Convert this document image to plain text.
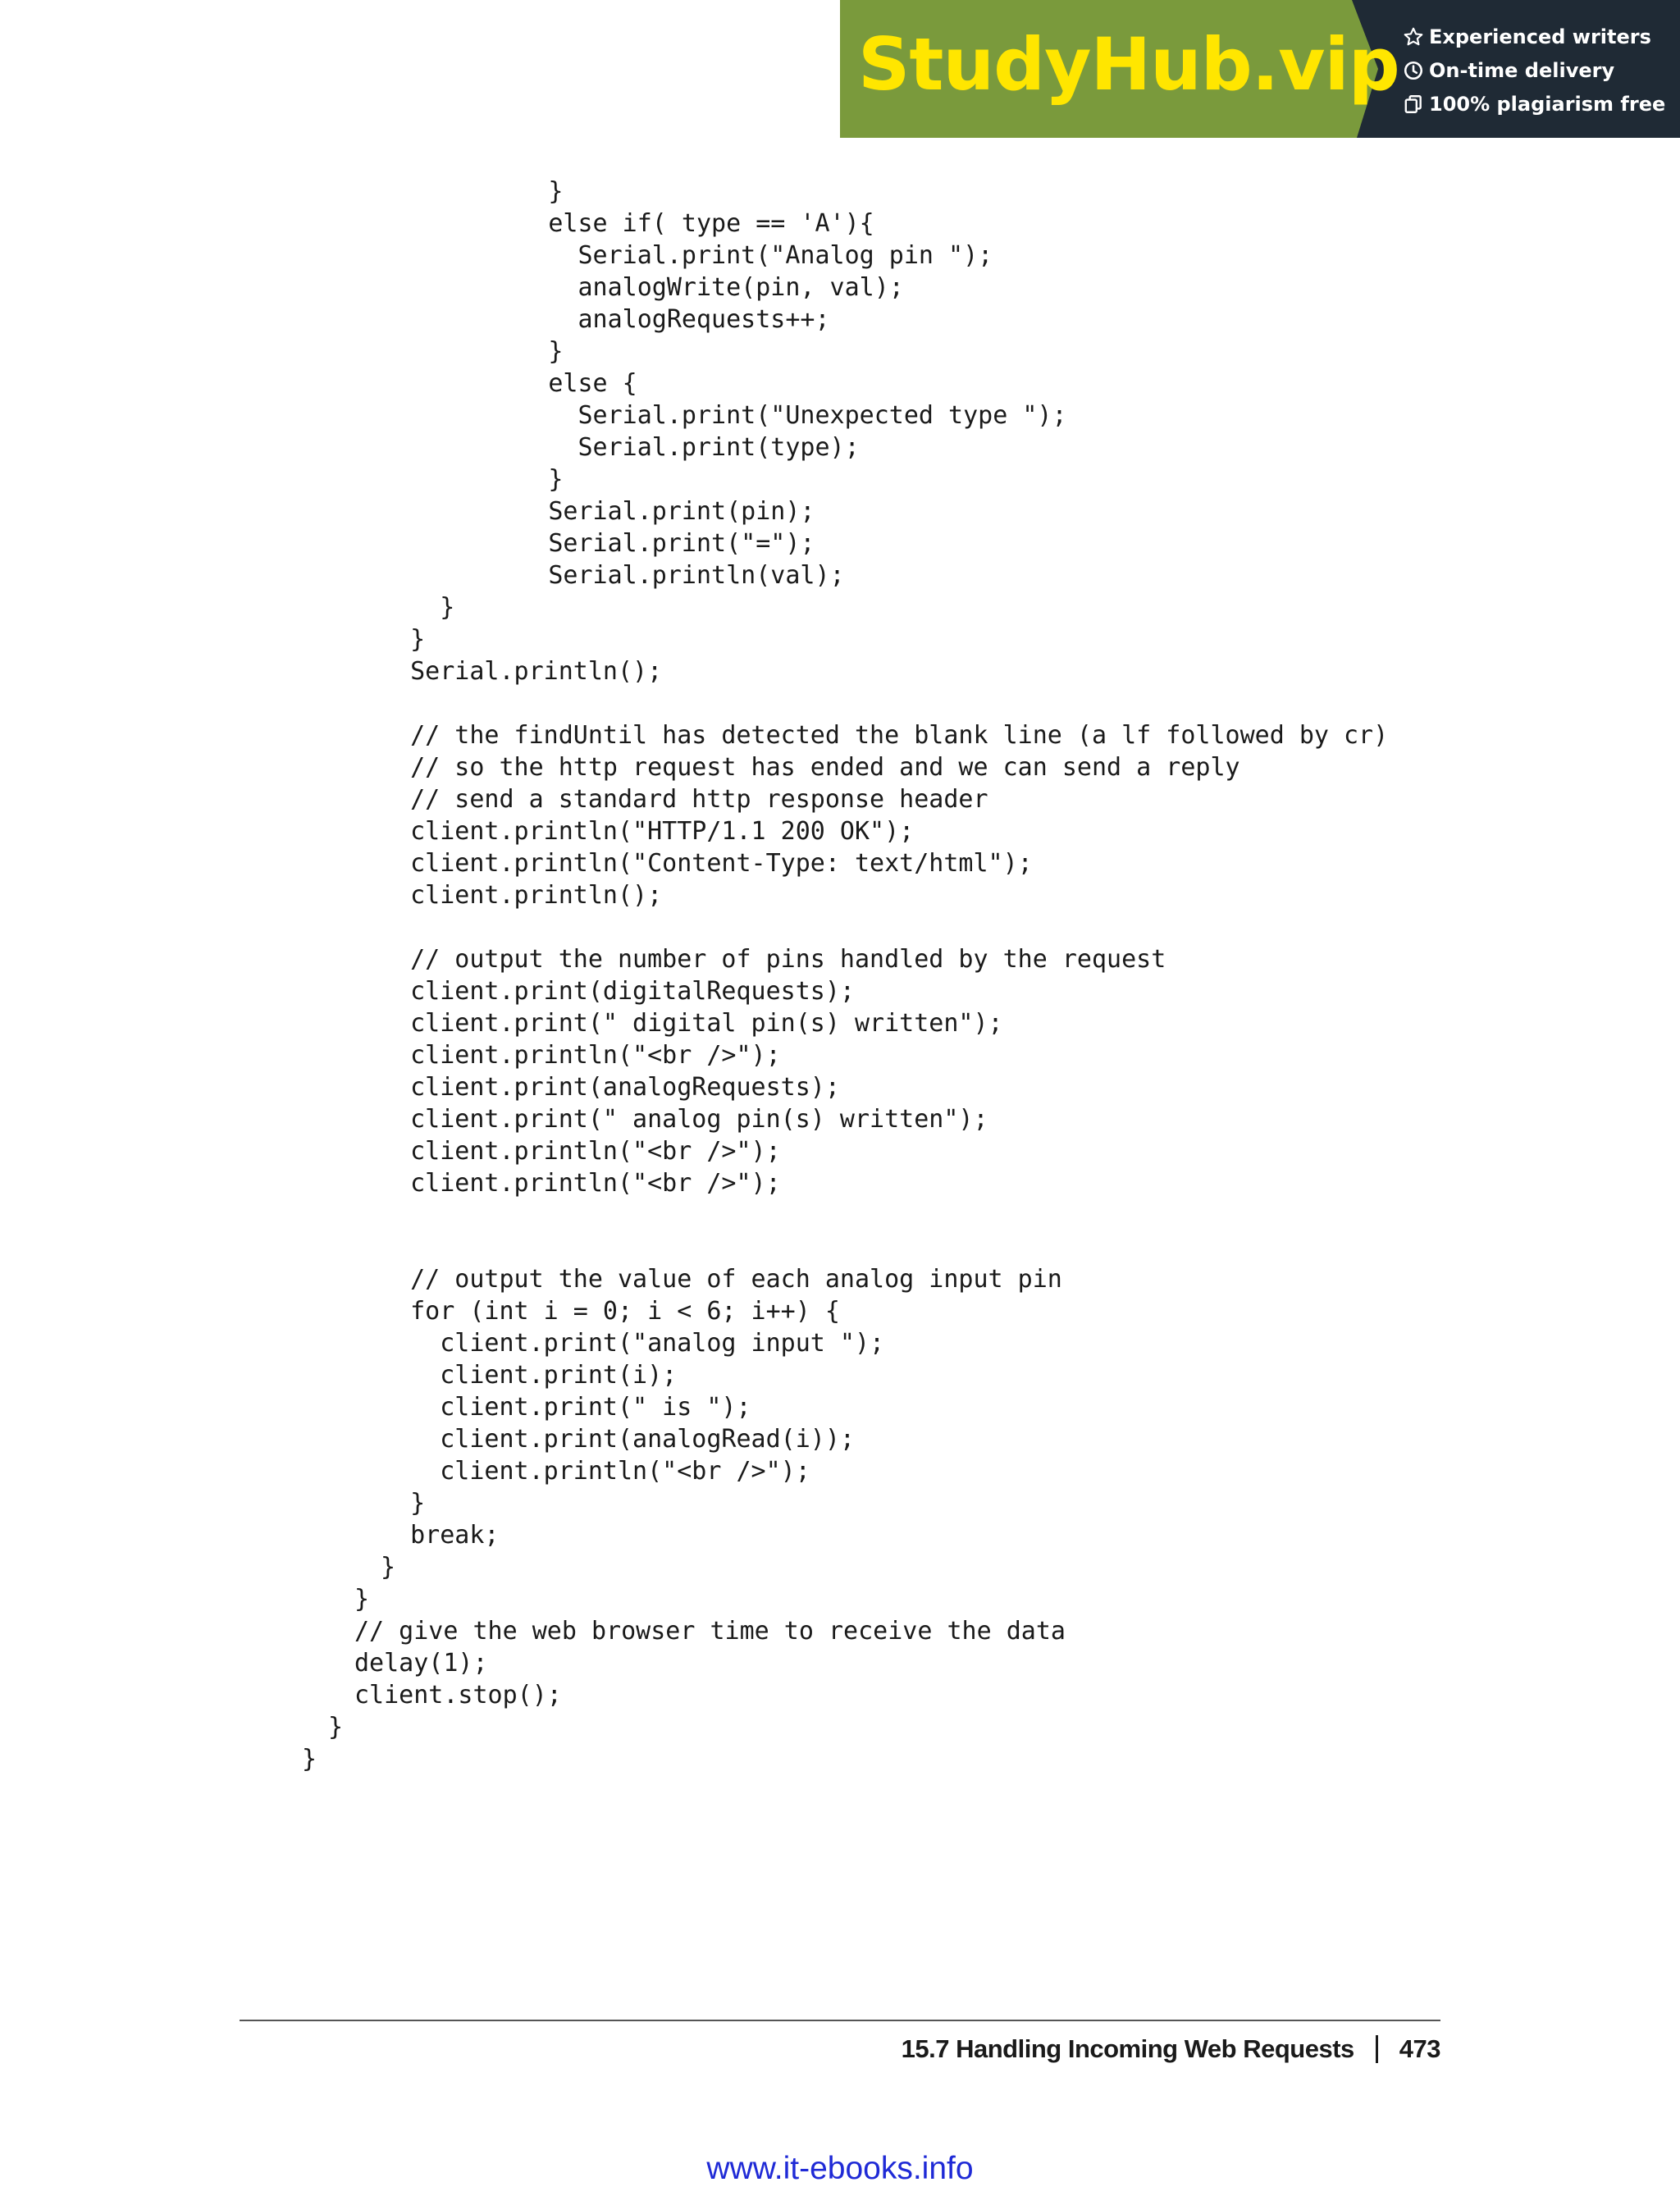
StudyHub.vip Experienced writers
On-time delivery
100% plagiarism free
}
else if( type == 'A'){
Serial.print("Analog pin ");
analogWrite(pin, val);
analogRequests++;
}
else {
Serial.print("Unexpected type ");
Serial.print(type);
}
Serial.print(pin);
Serial.print("=");
Serial.println(val);
}
}
Serial.println();
// the findUntil has detected the blank line (a lf followed by cr)
// so the http request has ended and we can send a reply
// send a standard http response header
client.println("HTTP/1.1 200 OK");
client.println("Content-Type: text/html");
client.println();
// output the number of pins handled by the request
client.print(digitalRequests);
client.print(" digital pin(s) written");
client.println("<br />");
client.print(analogRequests);
client.print(" analog pin(s) written");
client.println("<br />");
client.println("<br />");
// output the value of each analog input pin
for (int i = 0; i < 6; i++) {
client.print("analog input ");
client.print(i);
client.print(" is ");
client.print(analogRead(i));
client.println("<br />");
}
break;
}
}
// give the web browser time to receive the data
delay(1);
client.stop();
}
}
15.7 Handling Incoming Web Requests 473
www.it-ebooks.info
